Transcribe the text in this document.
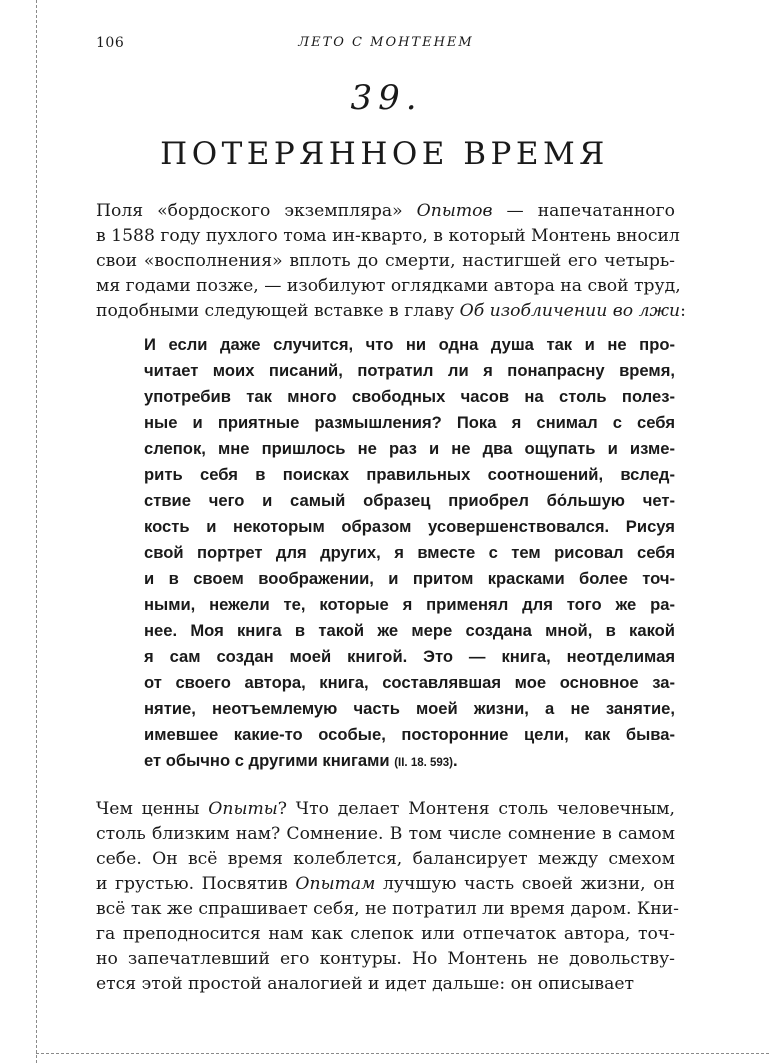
106	ЛЕТО С МОНТЕНЕМ
39.
ПОТЕРЯННОЕ ВРЕМЯ
Поля «бордоского экземпляра» Опытов — напечатанного
в 1588 году пухлого тома ин-кварто, в который Монтень вносил
свои «восполнения» вплоть до смерти, настигшей его четырь-
мя годами позже, — изобилуют оглядками автора на свой труд,
подобными следующей вставке в главу Об изобличении во лжи:
И если даже случится, что ни одна душа так и не про-
читает моих писаний, потратил ли я понапрасну время,
употребив так много свободных часов на столь полез-
ные и приятные размышления? Пока я снимал с себя
слепок, мне пришлось не раз и не два ощупать и изме-
рить себя в поисках правильных соотношений, вслед-
ствие чего и самый образец приобрел бо́льшую чет-
кость и некоторым образом усовершенствовался. Рисуя
свой портрет для других, я вместе с тем рисовал себя
и в своем воображении, и притом красками более точ-
ными, нежели те, которые я применял для того же ра-
нее. Моя книга в такой же мере создана мной, в какой
я сам создан моей книгой. Это — книга, неотделимая
от своего автора, книга, составлявшая мое основное за-
нятие, неотъемлемую часть моей жизни, а не занятие,
имевшее какие-то особые, посторонние цели, как быва-
ет обычно с другими книгами (II. 18. 593).
Чем ценны Опыты? Что делает Монтеня столь человечным,
столь близким нам? Сомнение. В том числе сомнение в самом
себе. Он всё время колеблется, балансирует между смехом
и грустью. Посвятив Опытам лучшую часть своей жизни, он
всё так же спрашивает себя, не потратил ли время даром. Кни-
га преподносится нам как слепок или отпечаток автора, точ-
но запечатлевший его контуры. Но Монтень не довольству-
ется этой простой аналогией и идет дальше: он описывает
